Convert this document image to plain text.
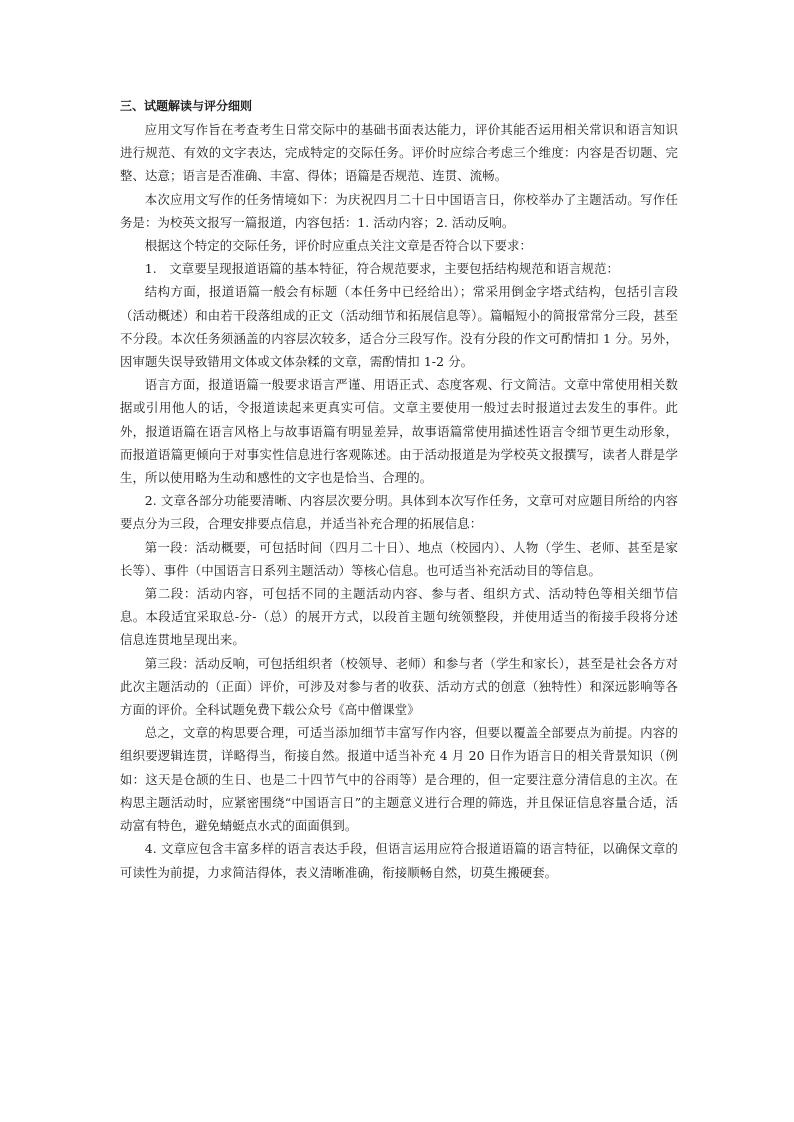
三、试题解读与评分细则

应用文写作旨在考查考生日常交际中的基础书面表达能力，评价其能否运用相关常识和语言知识进行规范、有效的文字表达，完成特定的交际任务。评价时应综合考虑三个维度：内容是否切题、完整、达意；语言是否准确、丰富、得体；语篇是否规范、连贯、流畅。

本次应用文写作的任务情境如下：为庆祝四月二十日中国语言日，你校举办了主题活动。写作任务是：为校英文报写一篇报道，内容包括：1. 活动内容；2. 活动反响。

根据这个特定的交际任务，评价时应重点关注文章是否符合以下要求：

1.　文章要呈现报道语篇的基本特征，符合规范要求，主要包括结构规范和语言规范：

结构方面，报道语篇一般会有标题（本任务中已经给出）；常采用倒金字塔式结构，包括引言段（活动概述）和由若干段落组成的正文（活动细节和拓展信息等）。篇幅短小的简报常常分三段，甚至不分段。本次任务须涵盖的内容层次较多，适合分三段写作。没有分段的作文可酌情扣 1 分。另外，因审题失误导致错用文体或文体杂糅的文章，需酌情扣 1-2 分。

语言方面，报道语篇一般要求语言严谨、用语正式、态度客观、行文简洁。文章中常使用相关数据或引用他人的话，令报道读起来更真实可信。文章主要使用一般过去时报道过去发生的事件。此外，报道语篇在语言风格上与故事语篇有明显差异，故事语篇常使用描述性语言令细节更生动形象，而报道语篇更倾向于对事实性信息进行客观陈述。由于活动报道是为学校英文报撰写，读者人群是学生，所以使用略为生动和感性的文字也是恰当、合理的。

2. 文章各部分功能要清晰、内容层次要分明。具体到本次写作任务，文章可对应题目所给的内容要点分为三段，合理安排要点信息，并适当补充合理的拓展信息：

第一段：活动概要，可包括时间（四月二十日）、地点（校园内）、人物（学生、老师、甚至是家长等）、事件（中国语言日系列主题活动）等核心信息。也可适当补充活动目的等信息。

第二段：活动内容，可包括不同的主题活动内容、参与者、组织方式、活动特色等相关细节信息。本段适宜采取总-分-（总）的展开方式，以段首主题句统领整段，并使用适当的衔接手段将分述信息连贯地呈现出来。

第三段：活动反响，可包括组织者（校领导、老师）和参与者（学生和家长），甚至是社会各方对此次主题活动的（正面）评价，可涉及对参与者的收获、活动方式的创意（独特性）和深远影响等各方面的评价。全科试题免费下载公众号《高中僧课堂》

总之，文章的构思要合理，可适当添加细节丰富写作内容，但要以覆盖全部要点为前提。内容的组织要逻辑连贯，详略得当，衔接自然。报道中适当补充 4 月 20 日作为语言日的相关背景知识（例如：这天是仓颉的生日、也是二十四节气中的谷雨等）是合理的，但一定要注意分清信息的主次。在构思主题活动时，应紧密围绕“中国语言日”的主题意义进行合理的筛选，并且保证信息容量合适，活动富有特色，避免蜻蜓点水式的面面俱到。

4. 文章应包含丰富多样的语言表达手段，但语言运用应符合报道语篇的语言特征，以确保文章的可读性为前提，力求简洁得体，表义清晰准确，衔接顺畅自然，切莫生搬硬套。
